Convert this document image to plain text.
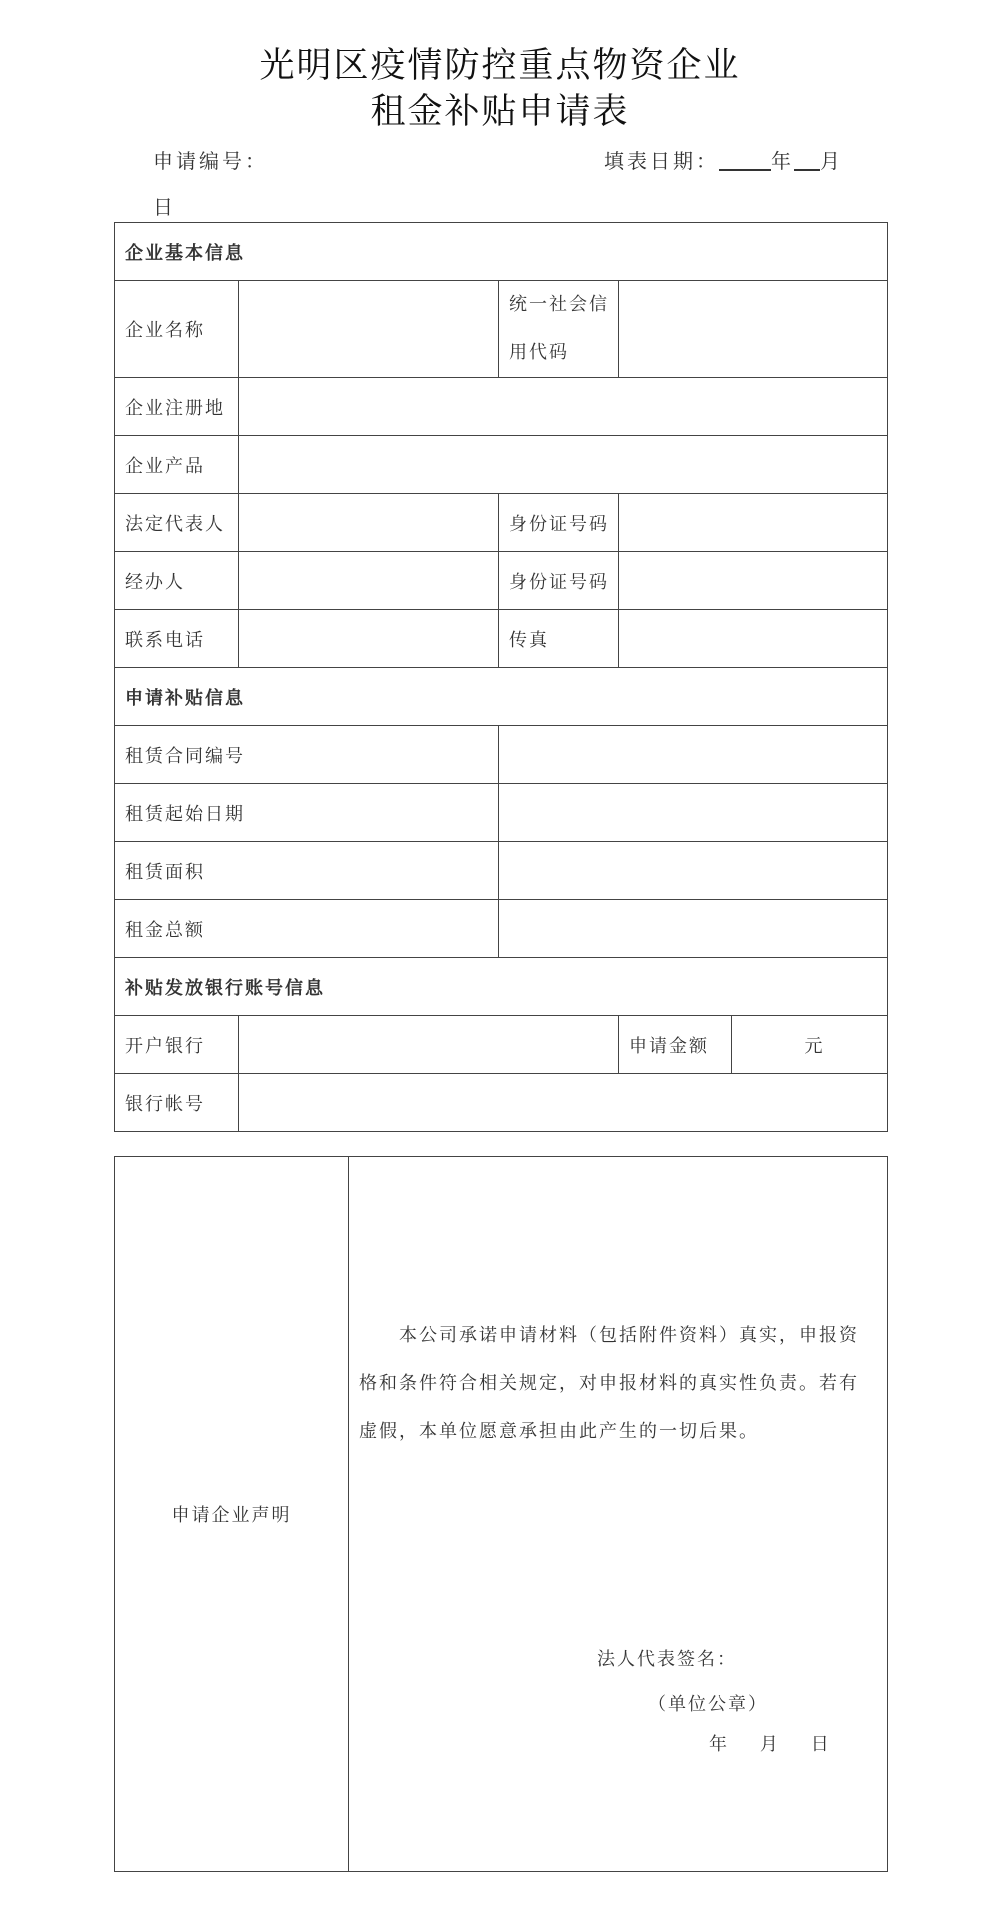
光明区疫情防控重点物资企业
租金补贴申请表
申请编号：	填表日期：	年 月
日
企业基本信息				
企业名称		统一社会信用代码		
企业注册地				
企业产品				
法定代表人		身份证号码		
经办人		身份证号码		
联系电话		传真		
申请补贴信息				
租赁合同编号				
租赁起始日期				
租赁面积				
租金总额				
补贴发放银行账号信息				
开户银行			申请金额	元
银行帐号				
申请企业声明	
本公司承诺申请材料（包括附件资料）真实，申报资格和条件符合相关规定，对申报材料的真实性负责。若有虚假，本单位愿意承担由此产生的一切后果。
法人代表签名：
（单位公章）
年    月    日
